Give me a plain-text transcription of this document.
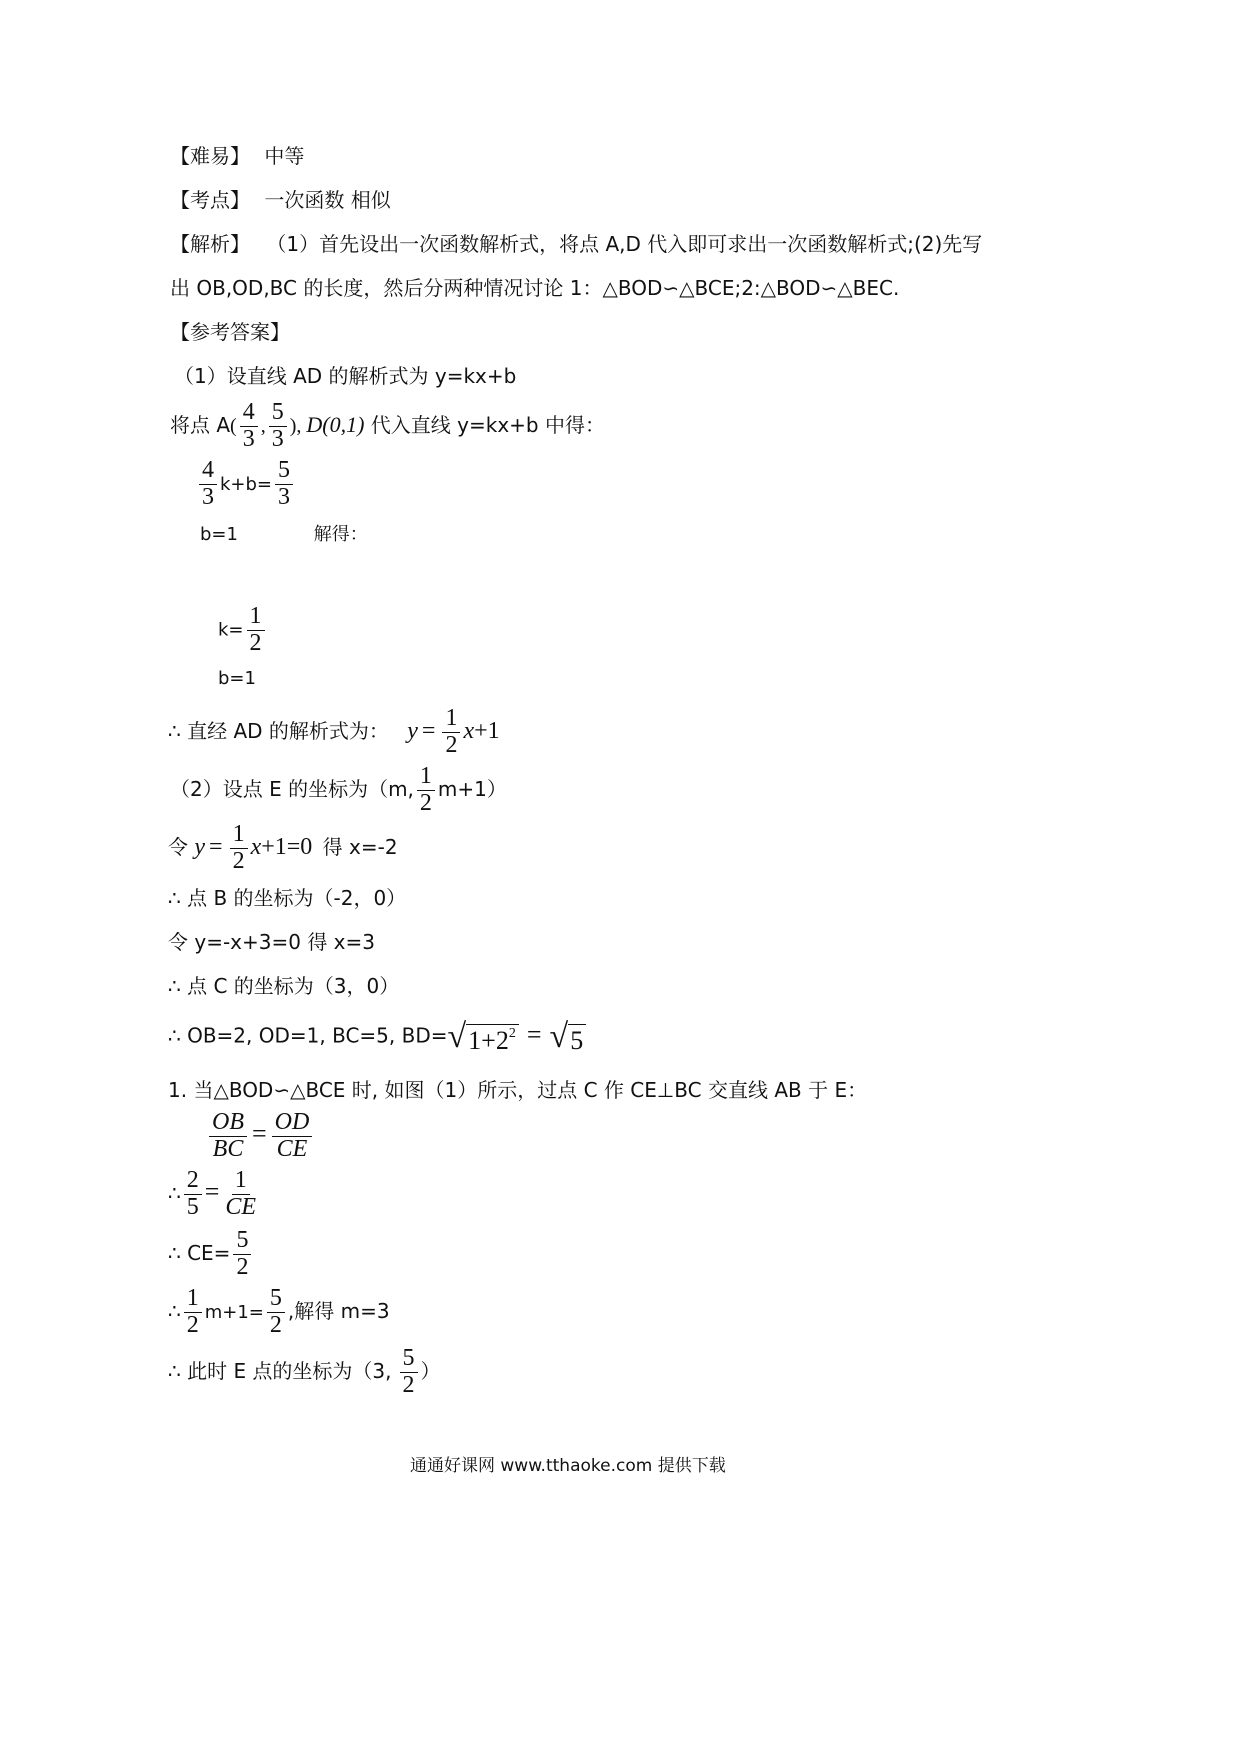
【难易】 中等
【考点】 一次函数 相似
【解析】 （1）首先设出一次函数解析式，将点 A,D 代入即可求出一次函数解析式;(2)先写
出 OB,OD,BC 的长度，然后分两种情况讨论 1：△BOD∽△BCE;2:△BOD∽△BEC.
【参考答案】
（1）设直线 AD 的解析式为 y=kx+b
将点 $A( \frac{4}{3}$ , $\frac{5}{3}$ ), D(0,1) 代入直线 y=kx+b 中得：
$\frac{4}{3} k+b= \frac{5}{3}$
b=1	解得：
$k= \frac{1}{2}$
b=1
∴ 直经 AD 的解析式为： $y = \frac{1}{2} x+1$
（2）设点 E 的坐标为（m, $\frac{1}{2} m+1$）
令 $y = \frac{1}{2} x+1=0$ 得 x=-2
∴ 点 B 的坐标为（-2，0）
令 y=-x+3=0 得 x=3
∴ 点 C 的坐标为（3，0）
∴ OB=2, OD=1, BC=5, BD= √ $1+2^2$ = √ 5
1. 当△BOD∽△BCE 时, 如图（1）所示，过点 C 作 CE⊥BC 交直线 AB 于 E：
$\frac{OB}{BC} = \frac{OD}{CE}$
∴ $\frac{2}{5} = \frac{1}{CE}$
∴ $CE= \frac{5}{2}$
∴ $\frac{1}{2} m+1= \frac{5}{2}$ ,解得 m=3
∴ 此时 E 点的坐标为（3, $\frac{5}{2}$ ）
通通好课网 www.tthaoke.com 提供下载
